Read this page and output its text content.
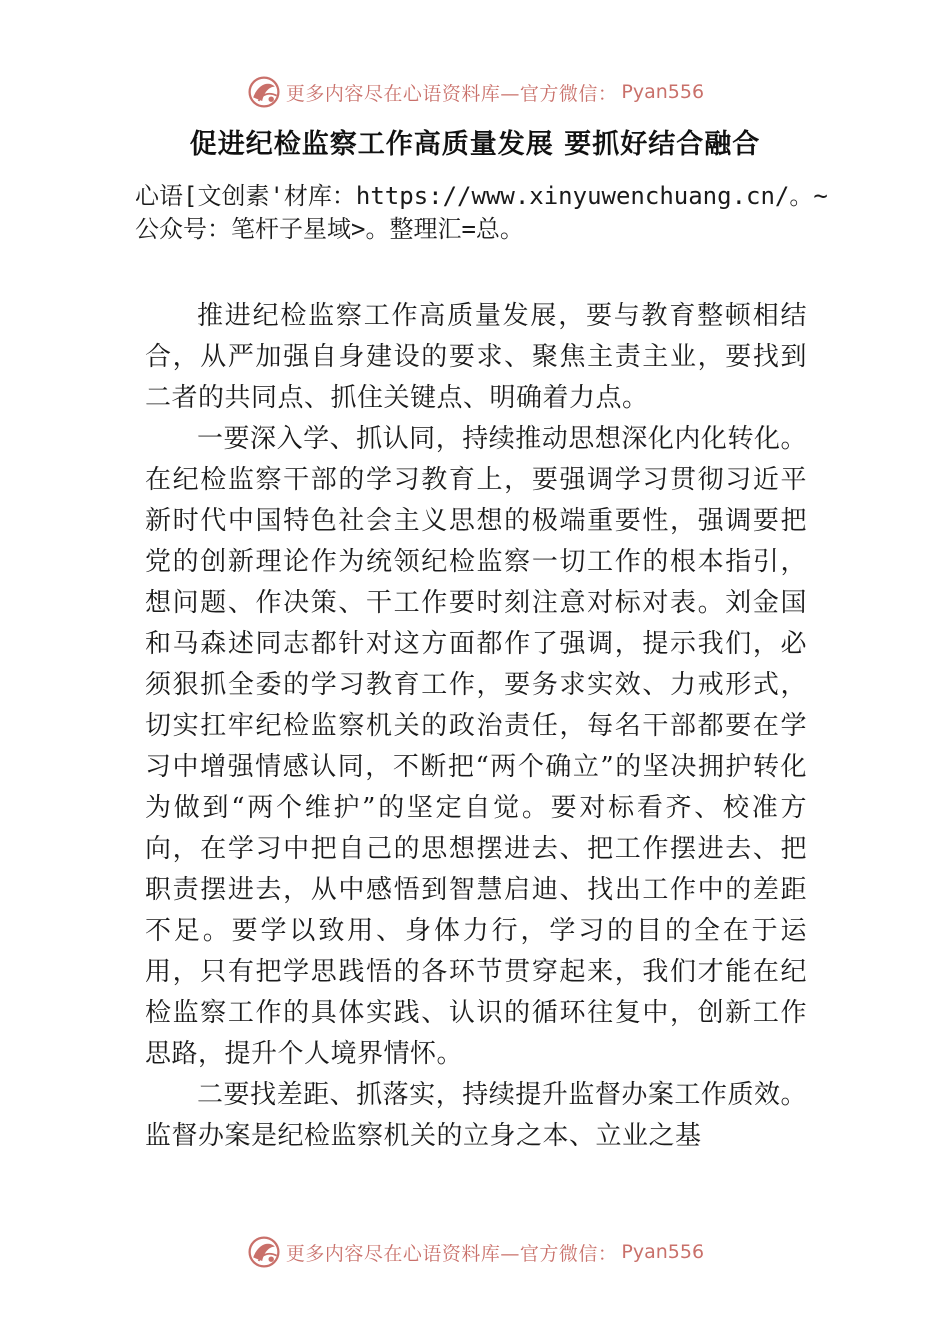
更多内容尽在心语资料库—官方微信： Pyan556
促进纪检监察工作高质量发展 要抓好结合融合
心语[文创素'材库：https://www.xinyuwenchuang.cn/。~公众号：笔杆子星域>。整理汇=总。

推进纪检监察工作高质量发展，要与教育整顿相结合，从严加强自身建设的要求、聚焦主责主业，要找到二者的共同点、抓住关键点、明确着力点。

一要深入学、抓认同，持续推动思想深化内化转化。在纪检监察干部的学习教育上，要强调学习贯彻习近平新时代中国特色社会主义思想的极端重要性，强调要把党的创新理论作为统领纪检监察一切工作的根本指引，想问题、作决策、干工作要时刻注意对标对表。刘金国和马森述同志都针对这方面都作了强调，提示我们，必须狠抓全委的学习教育工作，要务求实效、力戒形式，切实扛牢纪检监察机关的政治责任，每名干部都要在学习中增强情感认同，不断把“两个确立”的坚决拥护转化为做到“两个维护”的坚定自觉。要对标看齐、校准方向，在学习中把自己的思想摆进去、把工作摆进去、把职责摆进去，从中感悟到智慧启迪、找出工作中的差距不足。要学以致用、身体力行，学习的目的全在于运用，只有把学思践悟的各环节贯穿起来，我们才能在纪检监察工作的具体实践、认识的循环往复中，创新工作思路，提升个人境界情怀。

二要找差距、抓落实，持续提升监督办案工作质效。监督办案是纪检监察机关的立身之本、立业之基

更多内容尽在心语资料库—官方微信： Pyan556
